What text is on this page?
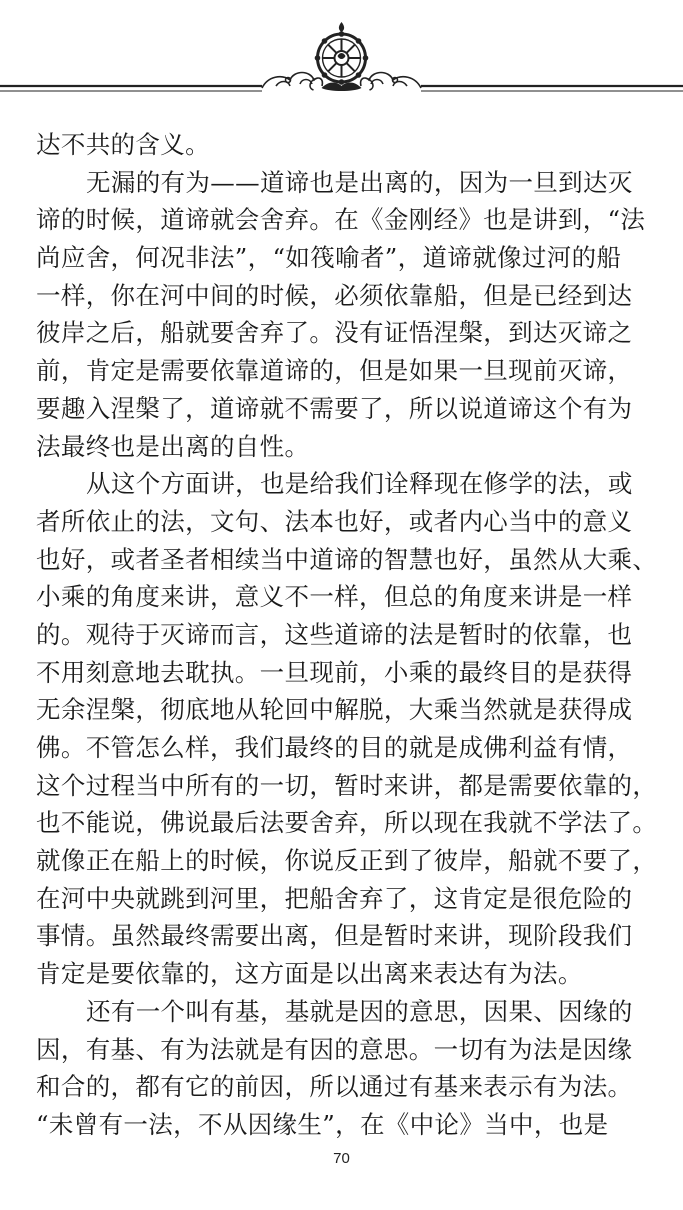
达不共的含义。
无漏的有为——道谛也是出离的，因为一旦到达灭
谛的时候，道谛就会舍弃。在《金刚经》也是讲到，“法
尚应舍，何况非法”，“如筏喻者”，道谛就像过河的船
一样，你在河中间的时候，必须依靠船，但是已经到达
彼岸之后，船就要舍弃了。没有证悟涅槃，到达灭谛之
前，肯定是需要依靠道谛的，但是如果一旦现前灭谛，
要趣入涅槃了，道谛就不需要了，所以说道谛这个有为
法最终也是出离的自性。
从这个方面讲，也是给我们诠释现在修学的法，或
者所依止的法，文句、法本也好，或者内心当中的意义
也好，或者圣者相续当中道谛的智慧也好，虽然从大乘、
小乘的角度来讲，意义不一样，但总的角度来讲是一样
的。观待于灭谛而言，这些道谛的法是暂时的依靠，也
不用刻意地去耽执。一旦现前，小乘的最终目的是获得
无余涅槃，彻底地从轮回中解脱，大乘当然就是获得成
佛。不管怎么样，我们最终的目的就是成佛利益有情，
这个过程当中所有的一切，暂时来讲，都是需要依靠的，
也不能说，佛说最后法要舍弃，所以现在我就不学法了。
就像正在船上的时候，你说反正到了彼岸，船就不要了，
在河中央就跳到河里，把船舍弃了，这肯定是很危险的
事情。虽然最终需要出离，但是暂时来讲，现阶段我们
肯定是要依靠的，这方面是以出离来表达有为法。
还有一个叫有基，基就是因的意思，因果、因缘的
因，有基、有为法就是有因的意思。一切有为法是因缘
和合的，都有它的前因，所以通过有基来表示有为法。
“未曾有一法，不从因缘生”，在《中论》当中，也是
70
